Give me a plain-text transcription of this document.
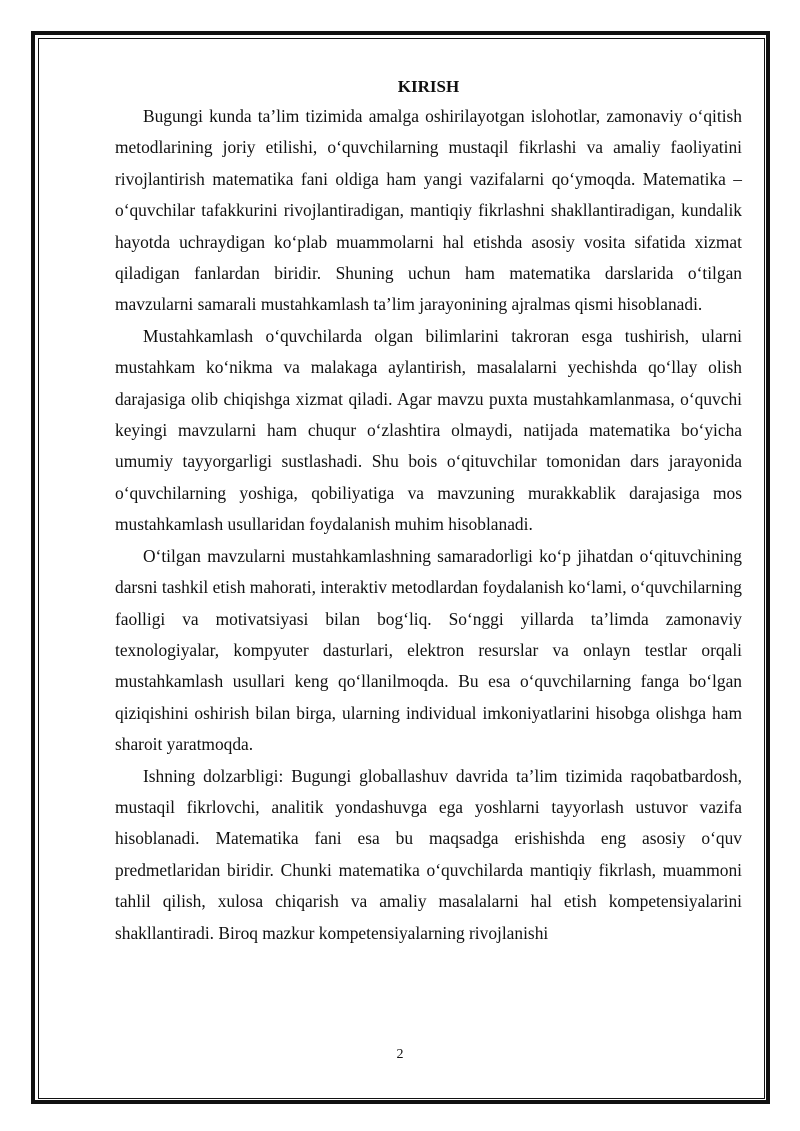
KIRISH

Bugungi kunda ta’lim tizimida amalga oshirilayotgan islohotlar, zamonaviy o‘qitish metodlarining joriy etilishi, o‘quvchilarning mustaqil fikrlashi va amaliy faoliyatini rivojlantirish matematika fani oldiga ham yangi vazifalarni qo‘ymoqda. Matematika – o‘quvchilar tafakkurini rivojlantiradigan, mantiqiy fikrlashni shakllantiradigan, kundalik hayotda uchraydigan ko‘plab muammolarni hal etishda asosiy vosita sifatida xizmat qiladigan fanlardan biridir. Shuning uchun ham matematika darslarida o‘tilgan mavzularni samarali mustahkamlash ta’lim jarayonining ajralmas qismi hisoblanadi.

Mustahkamlash o‘quvchilarda olgan bilimlarini takroran esga tushirish, ularni mustahkam ko‘nikma va malakaga aylantirish, masalalarni yechishda qo‘llay olish darajasiga olib chiqishga xizmat qiladi. Agar mavzu puxta mustahkamlanmasa, o‘quvchi keyingi mavzularni ham chuqur o‘zlashtira olmaydi, natijada matematika bo‘yicha umumiy tayyorgarligi sustlashadi. Shu bois o‘qituvchilar tomonidan dars jarayonida o‘quvchilarning yoshiga, qobiliyatiga va mavzuning murakkablik darajasiga mos mustahkamlash usullaridan foydalanish muhim hisoblanadi.

O‘tilgan mavzularni mustahkamlashning samaradorligi ko‘p jihatdan o‘qituvchining darsni tashkil etish mahorati, interaktiv metodlardan foydalanish ko‘lami, o‘quvchilarning faolligi va motivatsiyasi bilan bog‘liq. So‘nggi yillarda ta’limda zamonaviy texnologiyalar, kompyuter dasturlari, elektron resurslar va onlayn testlar orqali mustahkamlash usullari keng qo‘llanilmoqda. Bu esa o‘quvchilarning fanga bo‘lgan qiziqishini oshirish bilan birga, ularning individual imkoniyatlarini hisobga olishga ham sharoit yaratmoqda.

Ishning dolzarbligi: Bugungi globallashuv davrida ta’lim tizimida raqobatbardosh, mustaqil fikrlovchi, analitik yondashuvga ega yoshlarni tayyorlash ustuvor vazifa hisoblanadi. Matematika fani esa bu maqsadga erishishda eng asosiy o‘quv predmetlaridan biridir. Chunki matematika o‘quvchilarda mantiqiy fikrlash, muammoni tahlil qilish, xulosa chiqarish va amaliy masalalarni hal etish kompetensiyalarini shakllantiradi. Biroq mazkur kompetensiyalarning rivojlanishi

2
